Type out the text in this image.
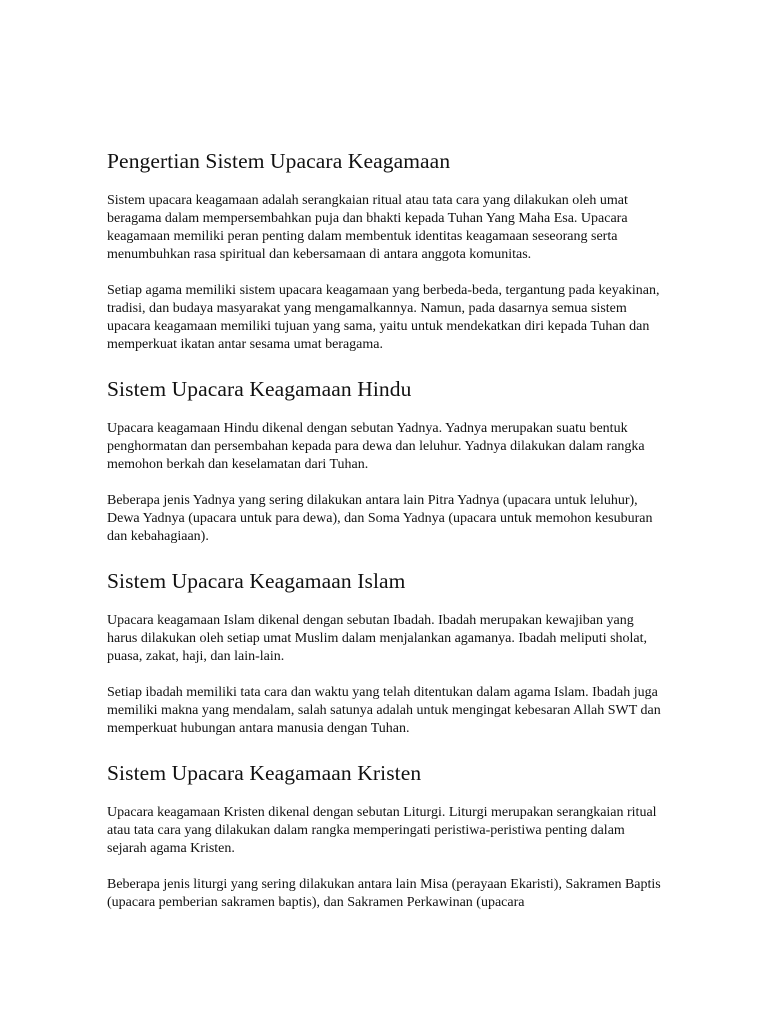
Pengertian Sistem Upacara Keagamaan

Sistem upacara keagamaan adalah serangkaian ritual atau tata cara yang dilakukan oleh umat beragama dalam mempersembahkan puja dan bhakti kepada Tuhan Yang Maha Esa. Upacara keagamaan memiliki peran penting dalam membentuk identitas keagamaan seseorang serta menumbuhkan rasa spiritual dan kebersamaan di antara anggota komunitas.

Setiap agama memiliki sistem upacara keagamaan yang berbeda-beda, tergantung pada keyakinan, tradisi, dan budaya masyarakat yang mengamalkannya. Namun, pada dasarnya semua sistem upacara keagamaan memiliki tujuan yang sama, yaitu untuk mendekatkan diri kepada Tuhan dan memperkuat ikatan antar sesama umat beragama.

Sistem Upacara Keagamaan Hindu

Upacara keagamaan Hindu dikenal dengan sebutan Yadnya. Yadnya merupakan suatu bentuk penghormatan dan persembahan kepada para dewa dan leluhur. Yadnya dilakukan dalam rangka memohon berkah dan keselamatan dari Tuhan.

Beberapa jenis Yadnya yang sering dilakukan antara lain Pitra Yadnya (upacara untuk leluhur), Dewa Yadnya (upacara untuk para dewa), dan Soma Yadnya (upacara untuk memohon kesuburan dan kebahagiaan).

Sistem Upacara Keagamaan Islam

Upacara keagamaan Islam dikenal dengan sebutan Ibadah. Ibadah merupakan kewajiban yang harus dilakukan oleh setiap umat Muslim dalam menjalankan agamanya. Ibadah meliputi sholat, puasa, zakat, haji, dan lain-lain.

Setiap ibadah memiliki tata cara dan waktu yang telah ditentukan dalam agama Islam. Ibadah juga memiliki makna yang mendalam, salah satunya adalah untuk mengingat kebesaran Allah SWT dan memperkuat hubungan antara manusia dengan Tuhan.

Sistem Upacara Keagamaan Kristen

Upacara keagamaan Kristen dikenal dengan sebutan Liturgi. Liturgi merupakan serangkaian ritual atau tata cara yang dilakukan dalam rangka memperingati peristiwa-peristiwa penting dalam sejarah agama Kristen.

Beberapa jenis liturgi yang sering dilakukan antara lain Misa (perayaan Ekaristi), Sakramen Baptis (upacara pemberian sakramen baptis), dan Sakramen Perkawinan (upacara
